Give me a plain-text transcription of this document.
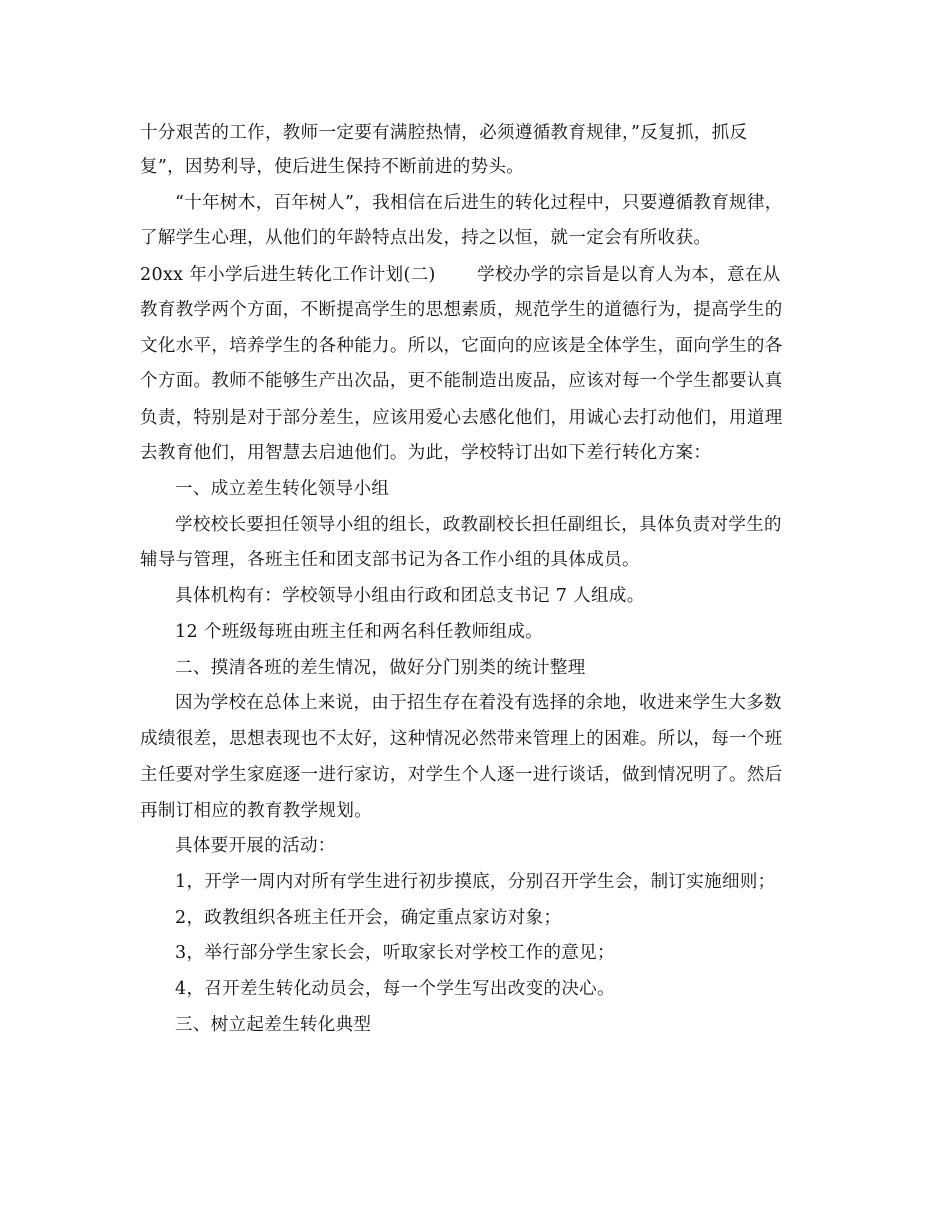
十分艰苦的工作，教师一定要有满腔热情，必须遵循教育规律，”反复抓，抓反
复”，因势利导，使后进生保持不断前进的势头。
“十年树木，百年树人”，我相信在后进生的转化过程中，只要遵循教育规律，
了解学生心理，从他们的年龄特点出发，持之以恒，就一定会有所收获。
20xx 年小学后进生转化工作计划(二)       学校办学的宗旨是以育人为本，意在从
教育教学两个方面，不断提高学生的思想素质，规范学生的道德行为，提高学生的
文化水平，培养学生的各种能力。所以，它面向的应该是全体学生，面向学生的各
个方面。教师不能够生产出次品，更不能制造出废品，应该对每一个学生都要认真
负责，特别是对于部分差生，应该用爱心去感化他们，用诚心去打动他们，用道理
去教育他们，用智慧去启迪他们。为此，学校特订出如下差行转化方案：
一、成立差生转化领导小组
学校校长要担任领导小组的组长，政教副校长担任副组长，具体负责对学生的
辅导与管理，各班主任和团支部书记为各工作小组的具体成员。
具体机构有：学校领导小组由行政和团总支书记 7 人组成。
12 个班级每班由班主任和两名科任教师组成。
二、摸清各班的差生情况，做好分门别类的统计整理
因为学校在总体上来说，由于招生存在着没有选择的余地，收进来学生大多数
成绩很差，思想表现也不太好，这种情况必然带来管理上的困难。所以，每一个班
主任要对学生家庭逐一进行家访，对学生个人逐一进行谈话，做到情况明了。然后
再制订相应的教育教学规划。
具体要开展的活动：
1，开学一周内对所有学生进行初步摸底，分别召开学生会，制订实施细则；
2，政教组织各班主任开会，确定重点家访对象；
3，举行部分学生家长会，听取家长对学校工作的意见；
4，召开差生转化动员会，每一个学生写出改变的决心。
三、树立起差生转化典型
